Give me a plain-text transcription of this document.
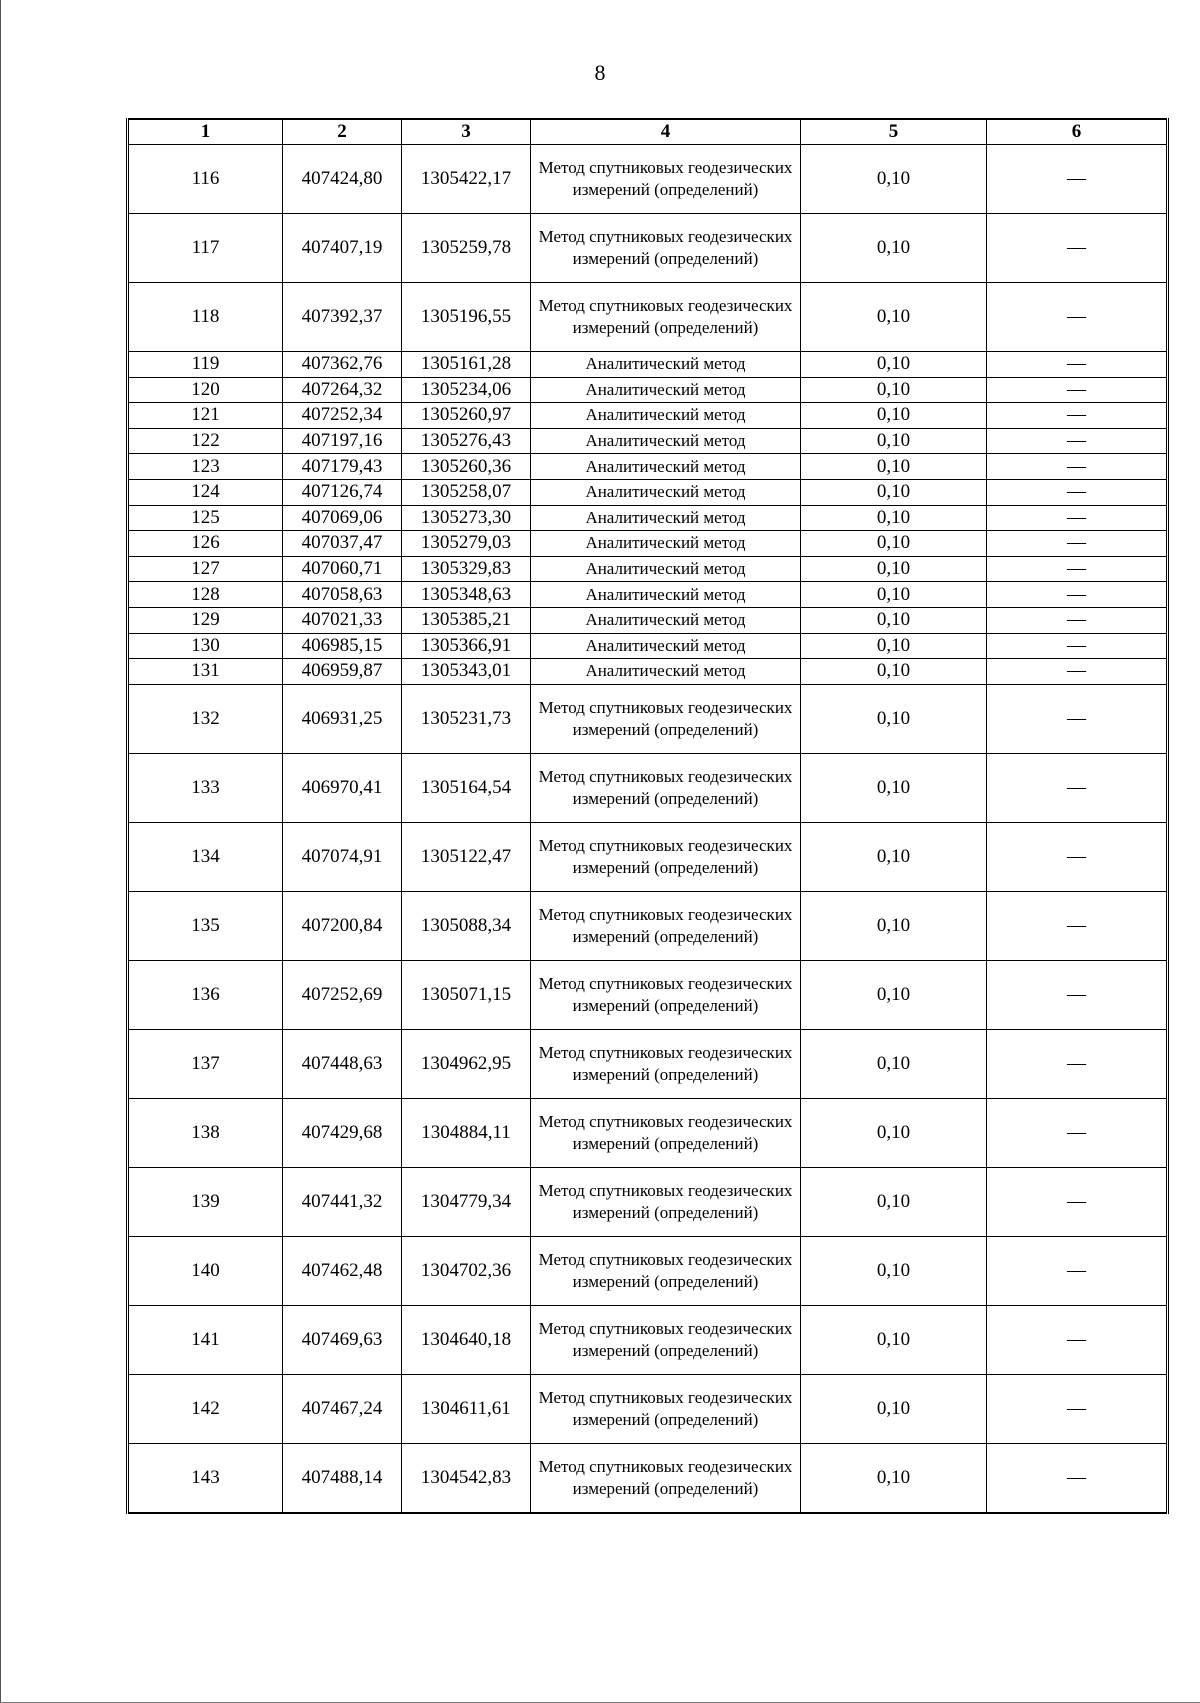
8
1	2	3	4	5	6
116	407424,80	1305422,17	Метод спутниковых геодезических измерений (определений)	0,10	—
117	407407,19	1305259,78	Метод спутниковых геодезических измерений (определений)	0,10	—
118	407392,37	1305196,55	Метод спутниковых геодезических измерений (определений)	0,10	—
119	407362,76	1305161,28	Аналитический метод	0,10	—
120	407264,32	1305234,06	Аналитический метод	0,10	—
121	407252,34	1305260,97	Аналитический метод	0,10	—
122	407197,16	1305276,43	Аналитический метод	0,10	—
123	407179,43	1305260,36	Аналитический метод	0,10	—
124	407126,74	1305258,07	Аналитический метод	0,10	—
125	407069,06	1305273,30	Аналитический метод	0,10	—
126	407037,47	1305279,03	Аналитический метод	0,10	—
127	407060,71	1305329,83	Аналитический метод	0,10	—
128	407058,63	1305348,63	Аналитический метод	0,10	—
129	407021,33	1305385,21	Аналитический метод	0,10	—
130	406985,15	1305366,91	Аналитический метод	0,10	—
131	406959,87	1305343,01	Аналитический метод	0,10	—
132	406931,25	1305231,73	Метод спутниковых геодезических измерений (определений)	0,10	—
133	406970,41	1305164,54	Метод спутниковых геодезических измерений (определений)	0,10	—
134	407074,91	1305122,47	Метод спутниковых геодезических измерений (определений)	0,10	—
135	407200,84	1305088,34	Метод спутниковых геодезических измерений (определений)	0,10	—
136	407252,69	1305071,15	Метод спутниковых геодезических измерений (определений)	0,10	—
137	407448,63	1304962,95	Метод спутниковых геодезических измерений (определений)	0,10	—
138	407429,68	1304884,11	Метод спутниковых геодезических измерений (определений)	0,10	—
139	407441,32	1304779,34	Метод спутниковых геодезических измерений (определений)	0,10	—
140	407462,48	1304702,36	Метод спутниковых геодезических измерений (определений)	0,10	—
141	407469,63	1304640,18	Метод спутниковых геодезических измерений (определений)	0,10	—
142	407467,24	1304611,61	Метод спутниковых геодезических измерений (определений)	0,10	—
143	407488,14	1304542,83	Метод спутниковых геодезических измерений (определений)	0,10	—
